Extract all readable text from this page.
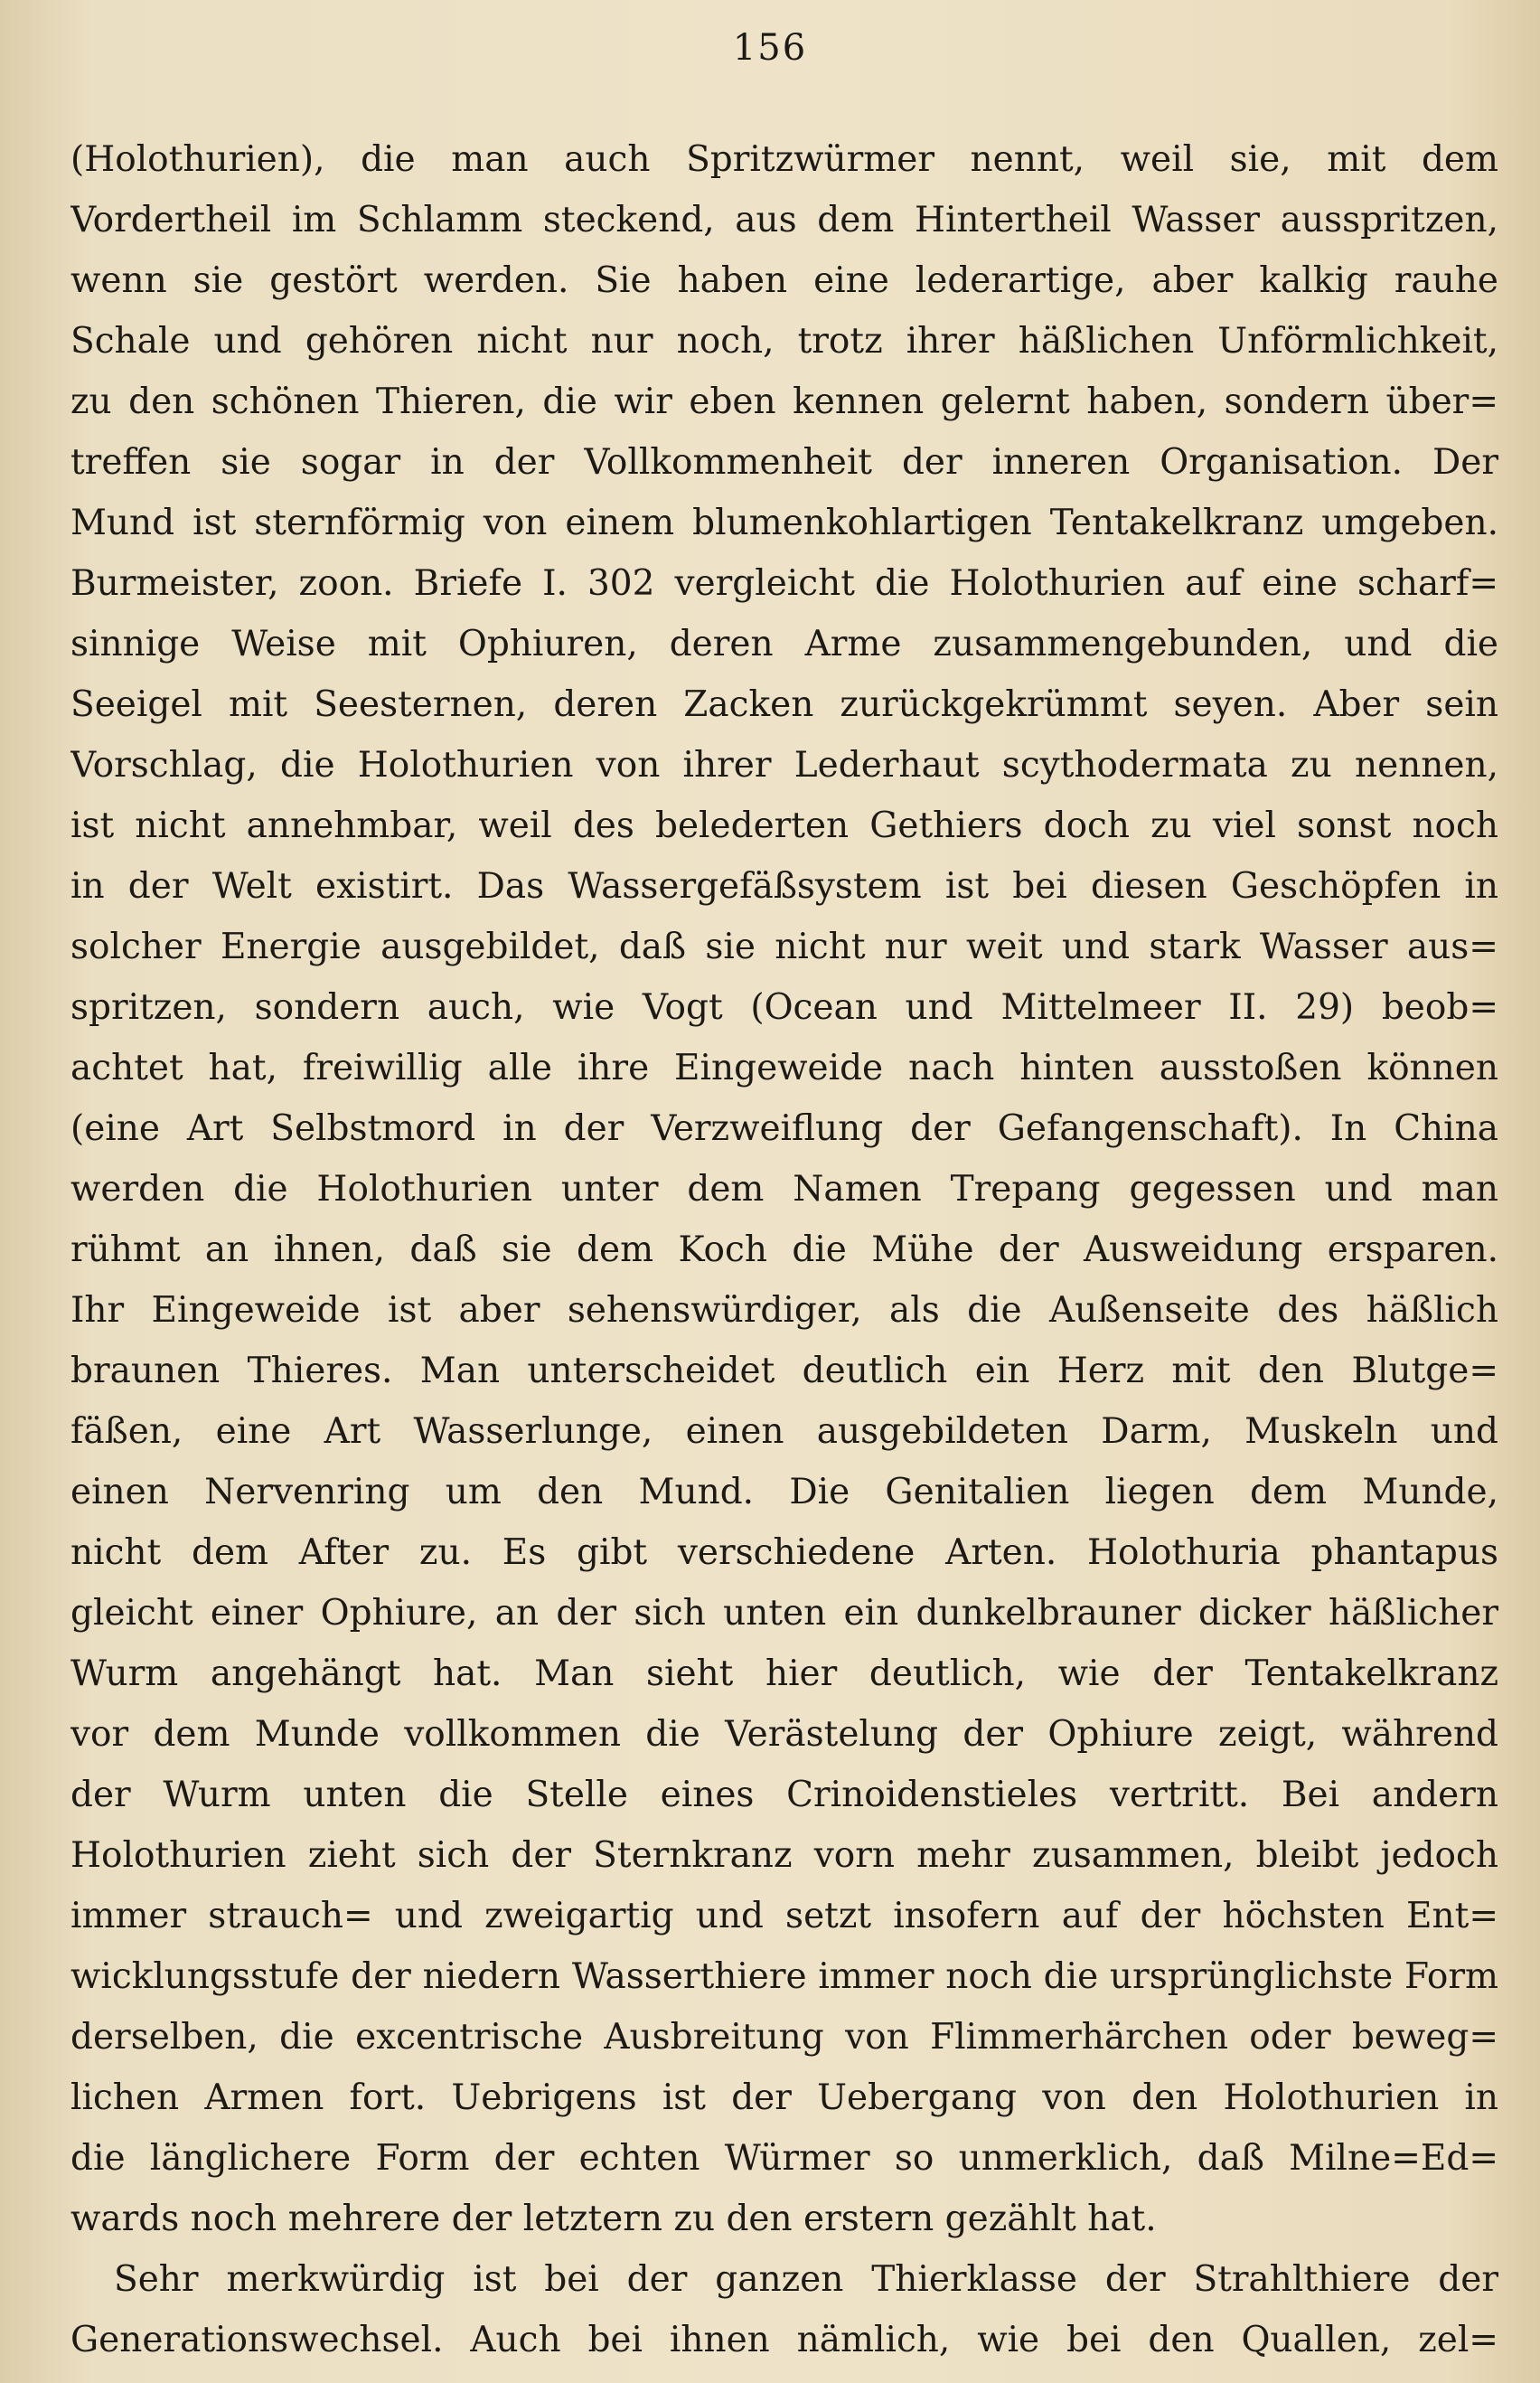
156
(Holothurien), die man auch Spritzwürmer nennt, weil sie, mit dem
Vordertheil im Schlamm steckend, aus dem Hintertheil Wasser ausspritzen,
wenn sie gestört werden. Sie haben eine lederartige, aber kalkig rauhe
Schale und gehören nicht nur noch, trotz ihrer häßlichen Unförmlichkeit,
zu den schönen Thieren, die wir eben kennen gelernt haben, sondern über=
treffen sie sogar in der Vollkommenheit der inneren Organisation. Der
Mund ist sternförmig von einem blumenkohlartigen Tentakelkranz umgeben.
Burmeister, zoon. Briefe I. 302 vergleicht die Holothurien auf eine scharf=
sinnige Weise mit Ophiuren, deren Arme zusammengebunden, und die
Seeigel mit Seesternen, deren Zacken zurückgekrümmt seyen. Aber sein
Vorschlag, die Holothurien von ihrer Lederhaut scythodermata zu nennen,
ist nicht annehmbar, weil des belederten Gethiers doch zu viel sonst noch
in der Welt existirt. Das Wassergefäßsystem ist bei diesen Geschöpfen in
solcher Energie ausgebildet, daß sie nicht nur weit und stark Wasser aus=
spritzen, sondern auch, wie Vogt (Ocean und Mittelmeer II. 29) beob=
achtet hat, freiwillig alle ihre Eingeweide nach hinten ausstoßen können
(eine Art Selbstmord in der Verzweiflung der Gefangenschaft). In China
werden die Holothurien unter dem Namen Trepang gegessen und man
rühmt an ihnen, daß sie dem Koch die Mühe der Ausweidung ersparen.
Ihr Eingeweide ist aber sehenswürdiger, als die Außenseite des häßlich
braunen Thieres. Man unterscheidet deutlich ein Herz mit den Blutge=
fäßen, eine Art Wasserlunge, einen ausgebildeten Darm, Muskeln und
einen Nervenring um den Mund. Die Genitalien liegen dem Munde,
nicht dem After zu. Es gibt verschiedene Arten. Holothuria phantapus
gleicht einer Ophiure, an der sich unten ein dunkelbrauner dicker häßlicher
Wurm angehängt hat. Man sieht hier deutlich, wie der Tentakelkranz
vor dem Munde vollkommen die Verästelung der Ophiure zeigt, während
der Wurm unten die Stelle eines Crinoidenstieles vertritt. Bei andern
Holothurien zieht sich der Sternkranz vorn mehr zusammen, bleibt jedoch
immer strauch= und zweigartig und setzt insofern auf der höchsten Ent=
wicklungsstufe der niedern Wasserthiere immer noch die ursprünglichste Form
derselben, die excentrische Ausbreitung von Flimmerhärchen oder beweg=
lichen Armen fort. Uebrigens ist der Uebergang von den Holothurien in
die länglichere Form der echten Würmer so unmerklich, daß Milne=Ed=
wards noch mehrere der letztern zu den erstern gezählt hat.
Sehr merkwürdig ist bei der ganzen Thierklasse der Strahlthiere der
Generationswechsel. Auch bei ihnen nämlich, wie bei den Quallen, zel=
